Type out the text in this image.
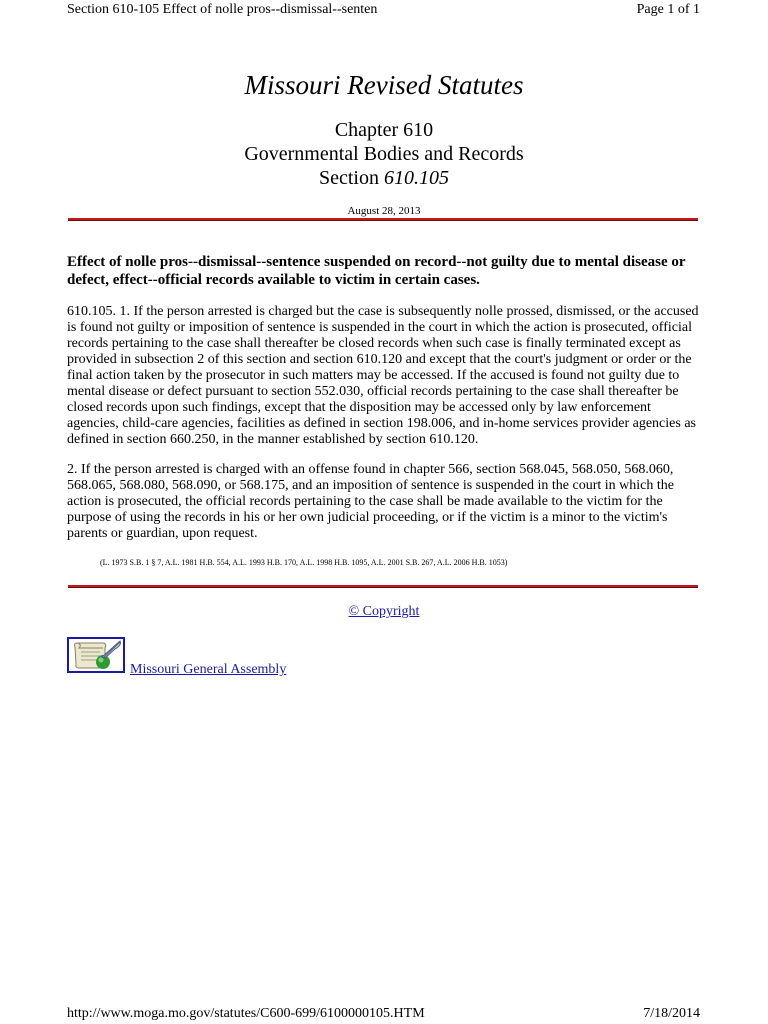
Section 610-105 Effect of nolle pros--dismissal--senten	Page 1 of 1
Missouri Revised Statutes
Chapter 610
Governmental Bodies and Records
Section 610.105
August 28, 2013
Effect of nolle pros--dismissal--sentence suspended on record--not guilty due to mental disease or defect, effect--official records available to victim in certain cases.
610.105. 1. If the person arrested is charged but the case is subsequently nolle prossed, dismissed, or the accused is found not guilty or imposition of sentence is suspended in the court in which the action is prosecuted, official records pertaining to the case shall thereafter be closed records when such case is finally terminated except as provided in subsection 2 of this section and section 610.120 and except that the court's judgment or order or the final action taken by the prosecutor in such matters may be accessed. If the accused is found not guilty due to mental disease or defect pursuant to section 552.030, official records pertaining to the case shall thereafter be closed records upon such findings, except that the disposition may be accessed only by law enforcement agencies, child-care agencies, facilities as defined in section 198.006, and in-home services provider agencies as defined in section 660.250, in the manner established by section 610.120.
2. If the person arrested is charged with an offense found in chapter 566, section 568.045, 568.050, 568.060, 568.065, 568.080, 568.090, or 568.175, and an imposition of sentence is suspended in the court in which the action is prosecuted, the official records pertaining to the case shall be made available to the victim for the purpose of using the records in his or her own judicial proceeding, or if the victim is a minor to the victim's parents or guardian, upon request.
(L. 1973 S.B. 1 § 7, A.L. 1981 H.B. 554, A.L. 1993 H.B. 170, A.L. 1998 H.B. 1095, A.L. 2001 S.B. 267, A.L. 2006 H.B. 1053)
© Copyright
Missouri General Assembly
http://www.moga.mo.gov/statutes/C600-699/6100000105.HTM	7/18/2014
